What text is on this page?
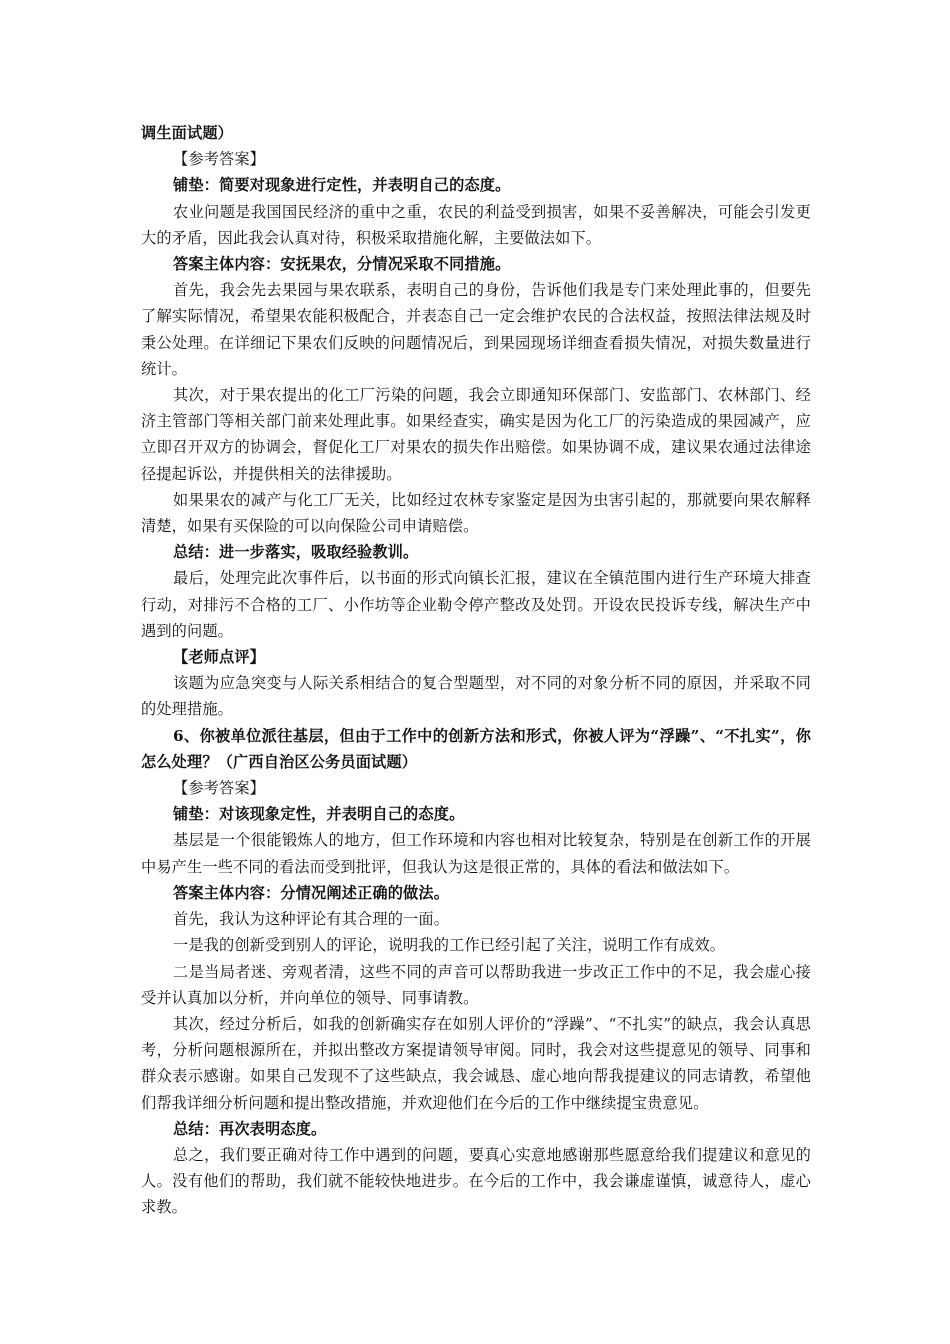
调生面试题）

【参考答案】

铺垫：简要对现象进行定性，并表明自己的态度。

农业问题是我国国民经济的重中之重，农民的利益受到损害，如果不妥善解决，可能会引发更大的矛盾，因此我会认真对待，积极采取措施化解，主要做法如下。

答案主体内容：安抚果农，分情况采取不同措施。

首先，我会先去果园与果农联系，表明自己的身份，告诉他们我是专门来处理此事的，但要先了解实际情况，希望果农能积极配合，并表态自己一定会维护农民的合法权益，按照法律法规及时秉公处理。在详细记下果农们反映的问题情况后，到果园现场详细查看损失情况，对损失数量进行统计。

其次，对于果农提出的化工厂污染的问题，我会立即通知环保部门、安监部门、农林部门、经济主管部门等相关部门前来处理此事。如果经查实，确实是因为化工厂的污染造成的果园减产，应立即召开双方的协调会，督促化工厂对果农的损失作出赔偿。如果协调不成，建议果农通过法律途径提起诉讼，并提供相关的法律援助。

如果果农的减产与化工厂无关，比如经过农林专家鉴定是因为虫害引起的，那就要向果农解释清楚，如果有买保险的可以向保险公司申请赔偿。

总结：进一步落实，吸取经验教训。

最后，处理完此次事件后，以书面的形式向镇长汇报，建议在全镇范围内进行生产环境大排查行动，对排污不合格的工厂、小作坊等企业勒令停产整改及处罚。开设农民投诉专线，解决生产中遇到的问题。

【老师点评】

该题为应急突变与人际关系相结合的复合型题型，对不同的对象分析不同的原因，并采取不同的处理措施。

6、你被单位派往基层，但由于工作中的创新方法和形式，你被人评为“浮躁”、“不扎实”，你怎么处理？（广西自治区公务员面试题）

【参考答案】

铺垫：对该现象定性，并表明自己的态度。

基层是一个很能锻炼人的地方，但工作环境和内容也相对比较复杂，特别是在创新工作的开展中易产生一些不同的看法而受到批评，但我认为这是很正常的，具体的看法和做法如下。

答案主体内容：分情况阐述正确的做法。

首先，我认为这种评论有其合理的一面。

一是我的创新受到别人的评论，说明我的工作已经引起了关注，说明工作有成效。

二是当局者迷、旁观者清，这些不同的声音可以帮助我进一步改正工作中的不足，我会虚心接受并认真加以分析，并向单位的领导、同事请教。

其次，经过分析后，如我的创新确实存在如别人评价的“浮躁”、“不扎实”的缺点，我会认真思考，分析问题根源所在，并拟出整改方案提请领导审阅。同时，我会对这些提意见的领导、同事和群众表示感谢。如果自己发现不了这些缺点，我会诚恳、虚心地向帮我提建议的同志请教，希望他们帮我详细分析问题和提出整改措施，并欢迎他们在今后的工作中继续提宝贵意见。

总结：再次表明态度。

总之，我们要正确对待工作中遇到的问题，要真心实意地感谢那些愿意给我们提建议和意见的人。没有他们的帮助，我们就不能较快地进步。在今后的工作中，我会谦虚谨慎，诚意待人，虚心求教。
